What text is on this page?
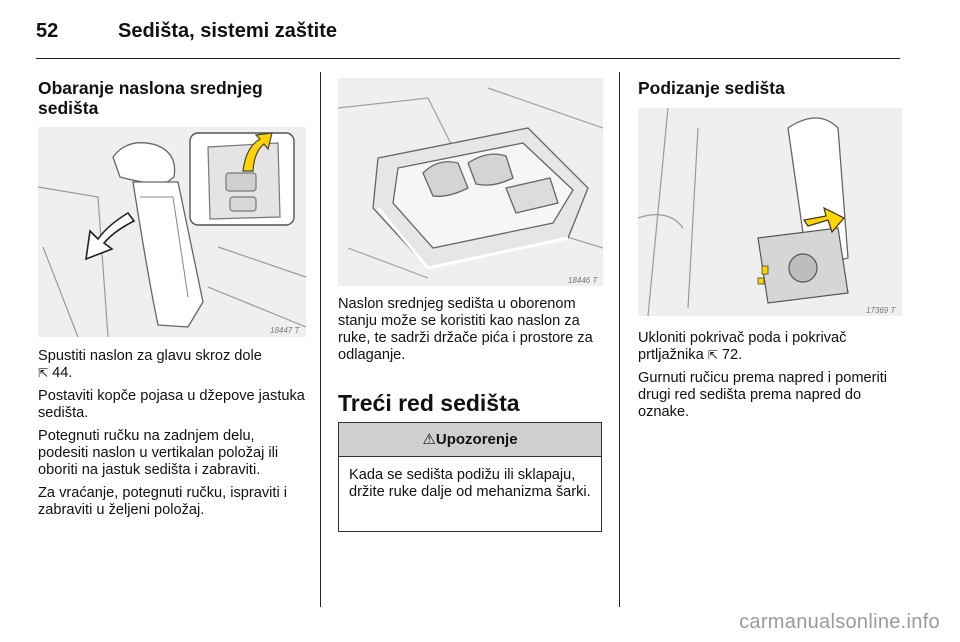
52	Sedišta, sistemi zaštite
Obaranje naslona srednjeg sedišta
18447 T

Spustiti naslon za glavu skroz dole

⇱ 44.

Postaviti kopče pojasa u džepove jastuka sedišta.

Potegnuti ručku na zadnjem delu, podesiti naslon u vertikalan položaj ili oboriti na jastuk sedišta i zabraviti.

Za vraćanje, potegnuti ručku, ispraviti i zabraviti u željeni položaj.

18446 T

Naslon srednjeg sedišta u oborenom stanju može se koristiti kao naslon za ruke, te sadrži držače pića i prostore za odlaganje.

Treći red sedišta
⚠Upozorenje

Kada se sedišta podižu ili sklapaju, držite ruke dalje od mehanizma šarki.

Podizanje sedišta
17369 T

Ukloniti pokrivač poda i pokrivač prtljažnika ⇱ 72.

Gurnuti ručicu prema napred i pomeriti drugi red sedišta prema napred do oznake.

carmanualsonline.info
